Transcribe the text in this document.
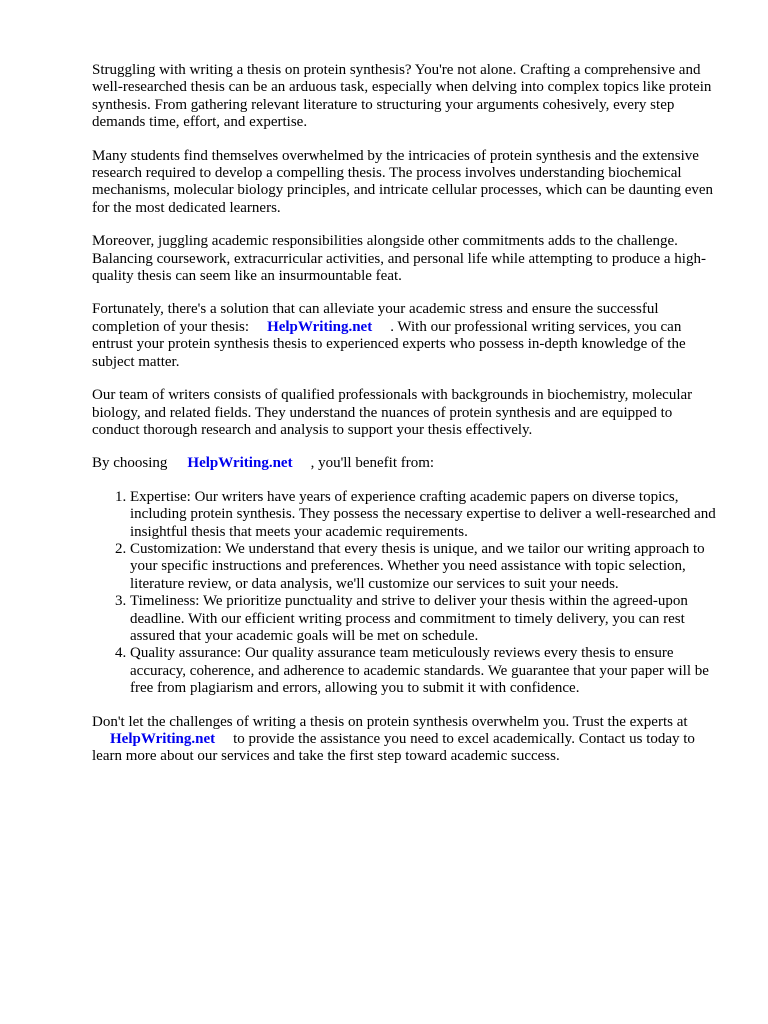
Struggling with writing a thesis on protein synthesis? You're not alone. Crafting a comprehensive and well-researched thesis can be an arduous task, especially when delving into complex topics like protein synthesis. From gathering relevant literature to structuring your arguments cohesively, every step demands time, effort, and expertise.

Many students find themselves overwhelmed by the intricacies of protein synthesis and the extensive research required to develop a compelling thesis. The process involves understanding biochemical mechanisms, molecular biology principles, and intricate cellular processes, which can be daunting even for the most dedicated learners.

Moreover, juggling academic responsibilities alongside other commitments adds to the challenge. Balancing coursework, extracurricular activities, and personal life while attempting to produce a high-quality thesis can seem like an insurmountable feat.

Fortunately, there's a solution that can alleviate your academic stress and ensure the successful completion of your thesis: HelpWriting.net . With our professional writing services, you can entrust your protein synthesis thesis to experienced experts who possess in-depth knowledge of the subject matter.

Our team of writers consists of qualified professionals with backgrounds in biochemistry, molecular biology, and related fields. They understand the nuances of protein synthesis and are equipped to conduct thorough research and analysis to support your thesis effectively.

By choosing HelpWriting.net , you'll benefit from:

1. Expertise: Our writers have years of experience crafting academic papers on diverse topics, including protein synthesis. They possess the necessary expertise to deliver a well-researched and insightful thesis that meets your academic requirements.
2. Customization: We understand that every thesis is unique, and we tailor our writing approach to your specific instructions and preferences. Whether you need assistance with topic selection, literature review, or data analysis, we'll customize our services to suit your needs.
3. Timeliness: We prioritize punctuality and strive to deliver your thesis within the agreed-upon deadline. With our efficient writing process and commitment to timely delivery, you can rest assured that your academic goals will be met on schedule.
4. Quality assurance: Our quality assurance team meticulously reviews every thesis to ensure accuracy, coherence, and adherence to academic standards. We guarantee that your paper will be free from plagiarism and errors, allowing you to submit it with confidence.

Don't let the challenges of writing a thesis on protein synthesis overwhelm you. Trust the experts at HelpWriting.net to provide the assistance you need to excel academically. Contact us today to learn more about our services and take the first step toward academic success.
